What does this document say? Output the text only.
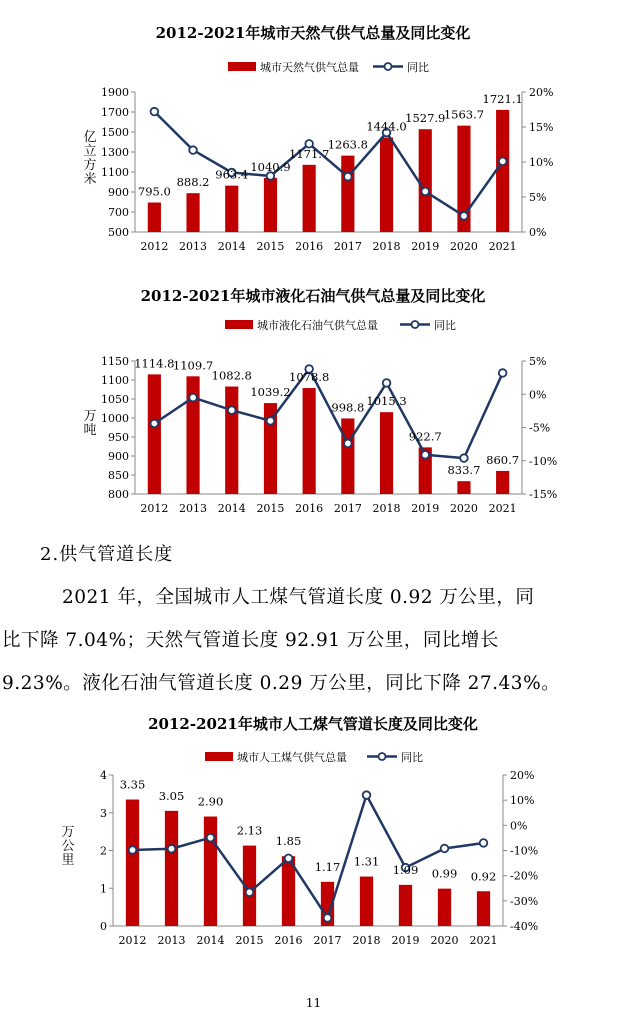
2012-2021年城市天然气供气总量及同比变化
城市天然气供气总量	同比
500
700
900
1100
1300
1500
1700
1900
0%
5%
10%
15%
20%
亿
立
方
米
2012 2013 2014 2015 2016 2017 2018 2019 2020 2021
795.0
888.2
963.4
1040.9
1171.7
1263.8
1444.0
1527.9
1563.7
1721.1
2012-2021年城市液化石油气供气总量及同比变化
城市液化石油气供气总量	同比
800
850
900
950
1000
1050
1100
1150
-15%
-10%
-5%
0%
5%
万
吨
2012 2013 2014 2015 2016 2017 2018 2019 2020 2021
1114.8
1109.7
1082.8
1039.2
1078.8
998.8 1015.3
922.7
833.7
860.7
2.供气管道长度
2021 年，全国城市人工煤气管道长度 0.92 万公里，同
比下降 7.04%；天然气管道长度 92.91 万公里，同比增长
9.23%。液化石油气管道长度 0.29 万公里，同比下降 27.43%。
2012-2021年城市人工煤气管道长度及同比变化
城市人工煤气供气总量	同比
0
1
2
3
4
-40%
-30%
-20%
-10%
0%
10%
20%
万
公
里
2012 2013 2014 2015 2016 2017 2018 2019 2020 2021
3.35
3.05 2.90
2.13
1.85
1.17 1.31
1.09 0.99 0.92
11
